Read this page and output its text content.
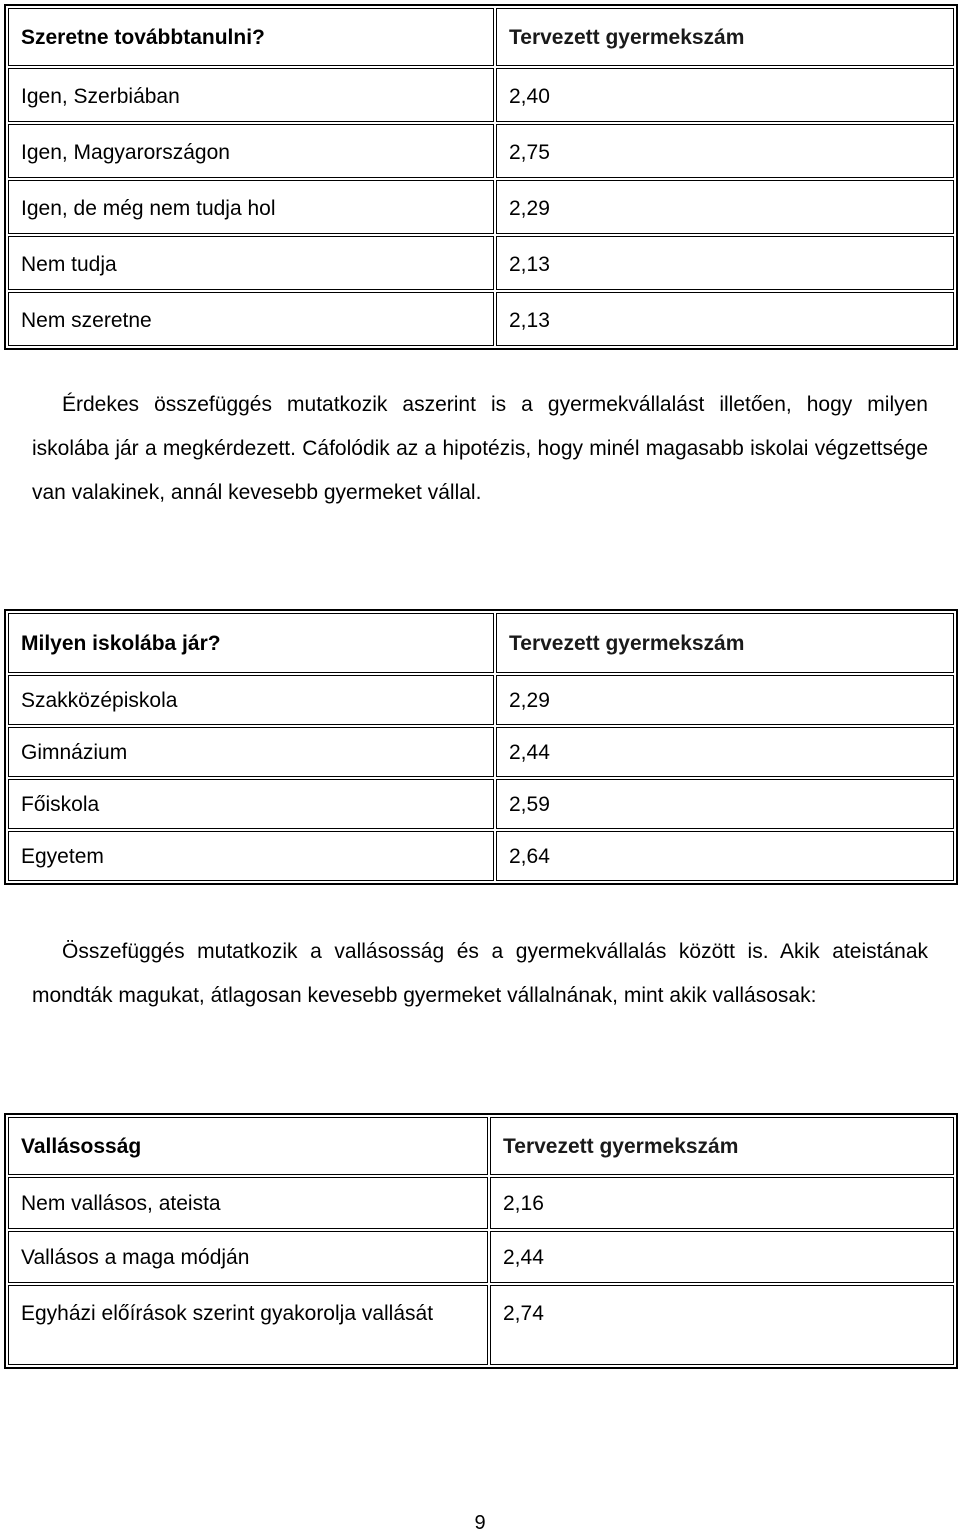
Szeretne továbbtanulni?	Tervezett gyermekszám
Igen, Szerbiában	2,40
Igen, Magyarországon	2,75
Igen, de még nem tudja hol	2,29
Nem tudja	2,13
Nem szeretne	2,13

Érdekes összefüggés mutatkozik aszerint is a gyermekvállalást illetően, hogy milyen iskolába jár a megkérdezett. Cáfolódik az a hipotézis, hogy minél magasabb iskolai végzettsége van valakinek, annál kevesebb gyermeket vállal.

Milyen iskolába jár?	Tervezett gyermekszám
Szakközépiskola	2,29
Gimnázium	2,44
Főiskola	2,59
Egyetem	2,64

Összefüggés mutatkozik a vallásosság és a gyermekvállalás között is. Akik ateistának mondták magukat, átlagosan kevesebb gyermeket vállalnának, mint akik vallásosak:

Vallásosság	Tervezett gyermekszám
Nem vallásos, ateista	2,16
Vallásos a maga módján	2,44
Egyházi előírások szerint gyakorolja vallását	2,74
9
